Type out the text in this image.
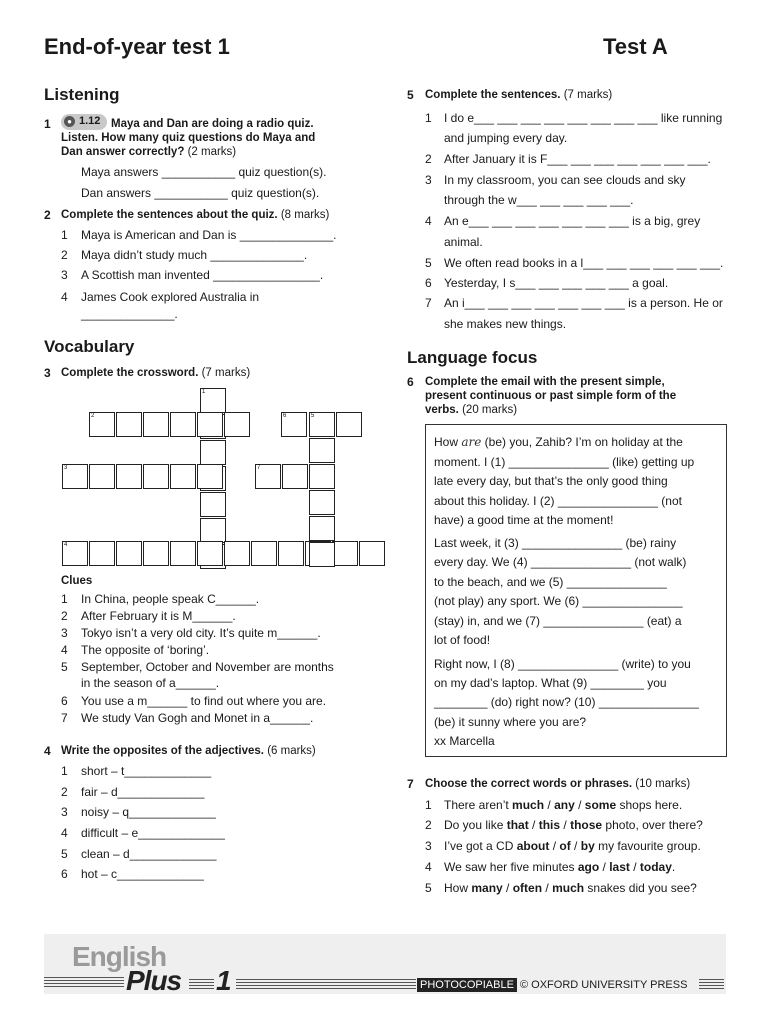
End-of-year test 1	Test A
Listening
1	● 1.12 Maya and Dan are doing a radio quiz.
Listen. How many quiz questions do Maya and
Dan answer correctly? (2 marks)
Maya answers ___________ quiz question(s).
Dan answers ___________ quiz question(s).
2 Complete the sentences about the quiz. (8 marks)
1 Maya is American and Dan is ______________.
2 Maya didn’t study much ______________.
3 A Scottish man invented ________________.
4 James Cook explored Australia in
______________.
Vocabulary
3 Complete the crossword. (7 marks)
1
2
3
4
5
6
7
Clues
1 In China, people speak C______.
2 After February it is M______.
3 Tokyo isn’t a very old city. It’s quite m______.
4 The opposite of ‘boring’.
5 September, October and November are months
in the season of a______.
6 You use a m______ to find out where you are.
7 We study Van Gogh and Monet in a______.
4 Write the opposites of the adjectives. (6 marks)
1 short – t_____________
2 fair – d_____________
3 noisy – q_____________
4 difficult – e_____________
5 clean – d_____________
6 hot – c_____________
5 Complete the sentences. (7 marks)
1 I do e___ ___ ___ ___ ___ ___ ___ ___ like running
and jumping every day.
2 After January it is F___ ___ ___ ___ ___ ___ ___.
3 In my classroom, you can see clouds and sky
through the w___ ___ ___ ___ ___.
4 An e___ ___ ___ ___ ___ ___ ___ is a big, grey
animal.
5 We often read books in a l___ ___ ___ ___ ___ ___.
6 Yesterday, I s___ ___ ___ ___ ___ a goal.
7 An i___ ___ ___ ___ ___ ___ ___ is a person. He or
she makes new things.
Language focus
6 Complete the email with the present simple,
present continuous or past simple form of the
verbs. (20 marks)
How are (be) you, Zahib? I’m on holiday at the
moment. I (1) _______________ (like) getting up
late every day, but that’s the only good thing
about this holiday. I (2) _______________ (not
have) a good time at the moment!
Last week, it (3) _______________ (be) rainy
every day. We (4) _______________ (not walk)
to the beach, and we (5) _______________
(not play) any sport. We (6) _______________
(stay) in, and we (7) _______________ (eat) a
lot of food!
Right now, I (8) _______________ (write) to you
on my dad’s laptop. What (9) ________ you
________ (do) right now? (10) _______________
(be) it sunny where you are?
xx Marcella
7 Choose the correct words or phrases. (10 marks)
1 There aren’t much / any / some shops here.
2 Do you like that / this / those photo, over there?
3 I’ve got a CD about / of / by my favourite group.
4 We saw her five minutes ago / last / today.
5 How many / often / much snakes did you see?
English
Plus 1	PHOTOCOPIABLE © OXFORD UNIVERSITY PRESS
